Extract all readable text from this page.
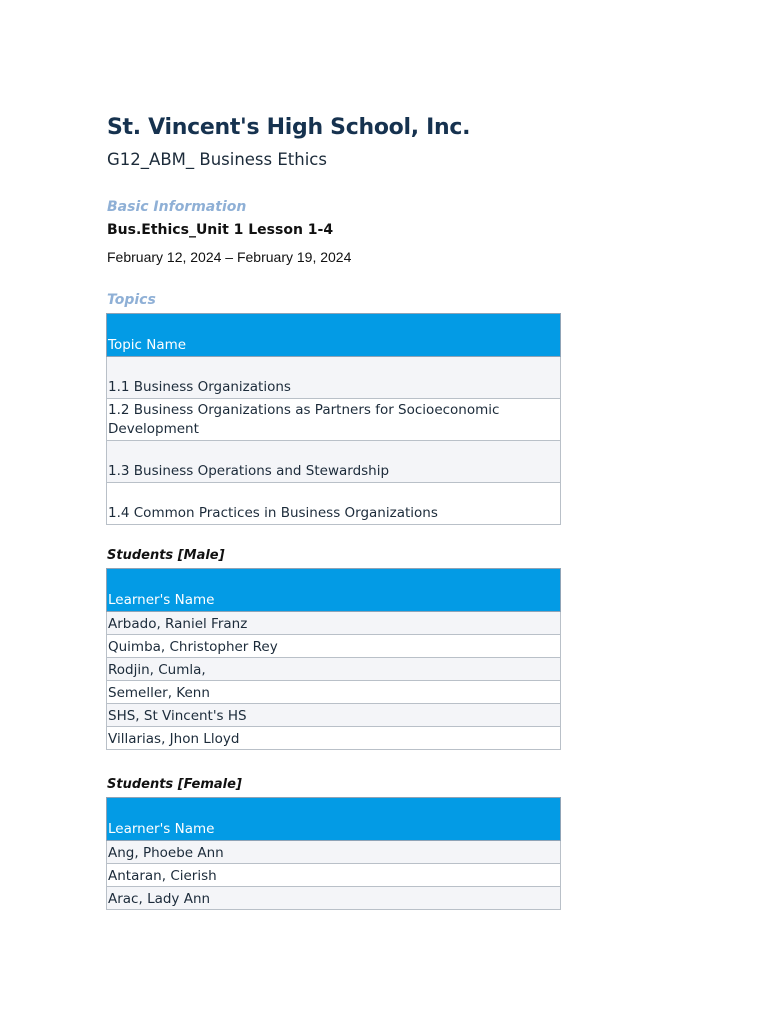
St. Vincent's High School, Inc.
G12_ABM_ Business Ethics
Basic Information
Bus.Ethics_Unit 1 Lesson 1-4
February 12, 2024 – February 19, 2024
Topics
Topic Name
1.1 Business Organizations
1.2 Business Organizations as Partners for Socioeconomic Development
1.3 Business Operations and Stewardship
1.4 Common Practices in Business Organizations
Students [Male]
Learner's Name
Arbado, Raniel Franz
Quimba, Christopher Rey
Rodjin, Cumla,
Semeller, Kenn
SHS, St Vincent's HS
Villarias, Jhon Lloyd
Students [Female]
Learner's Name
Ang, Phoebe Ann
Antaran, Cierish
Arac, Lady Ann
